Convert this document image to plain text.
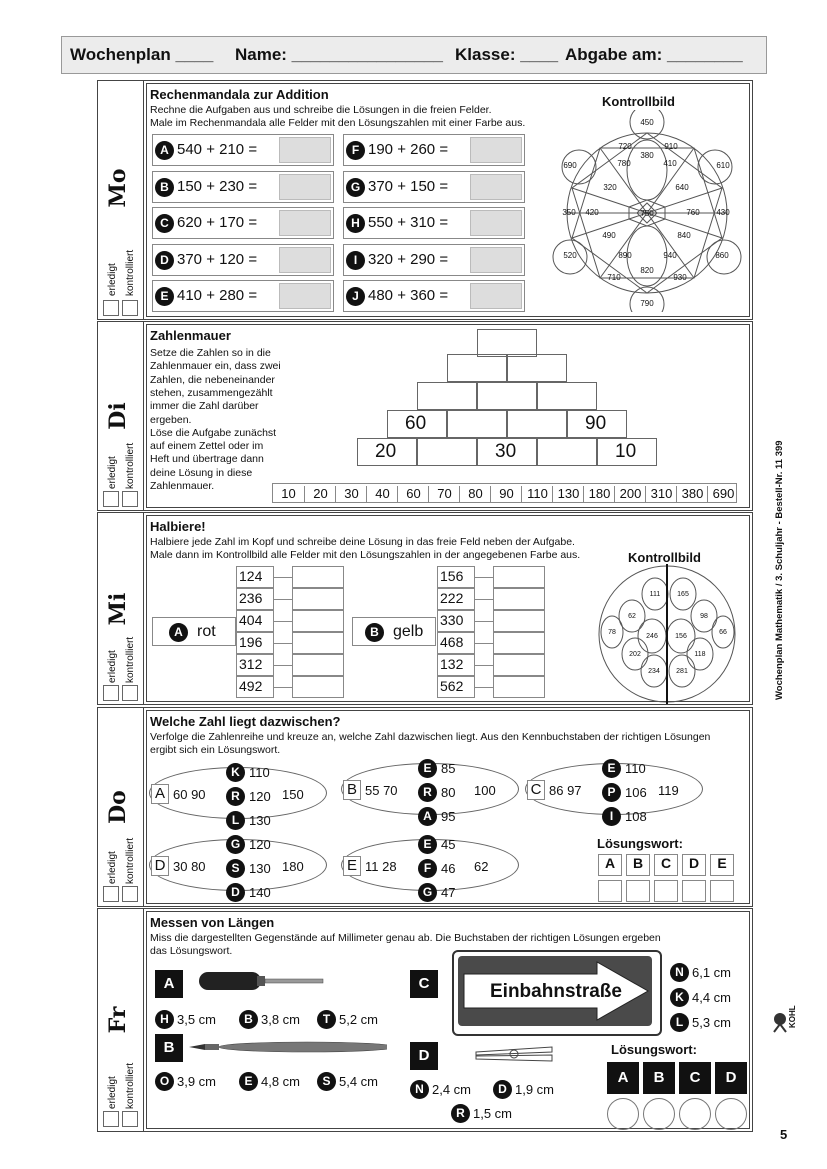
Wochenplan ____ Name: ________________ Klasse: ____ Abgabe am: ________
Mo
erledigt kontrolliert
Rechenmandala zur Addition
Rechne die Aufgaben aus und schreibe die Lösungen in die freien Felder.
Male im Rechenmandala alle Felder mit den Lösungszahlen mit einer Farbe aus.
A 540 + 210 =
B 150 + 230 =
C 620 + 170 =
D 370 + 120 =
E 410 + 280 =
F 190 + 260 =
G 370 + 150 =
H 550 + 310 =
I 320 + 290 =
J 480 + 360 =
Kontrollbild
450
720	910
380
690	780	410	610
320	640
350 420	750	760 430
490	840
520	890	940	860
710
820
930
790
Di
erledigt kontrolliert
Zahlenmauer
Setze die Zahlen so in die
Zahlenmauer ein, dass zwei
Zahlen, die nebeneinander
stehen, zusammengezählt
immer die Zahl darüber
ergeben.
Löse die Aufgabe zunächst
auf einem Zettel oder im
Heft und übertrage dann
deine Lösung in diese
Zahlenmauer.
20	30	10
60	90
10	20	30	40	60	70	80	90	110 130 180 200 310 380 690
Mi
erledigt kontrolliert
Halbiere!
Halbiere jede Zahl im Kopf und schreibe deine Lösung in das freie Feld neben der Aufgabe.
Male dann im Kontrollbild alle Felder mit den Lösungszahlen in der angegebenen Farbe aus.
A rot	B gelb
124
236
404
196
312
492
156
222
330
468
132
562
Kontrollbild
111 165
62	98
78	66
246 156
202	118
234 281
Do
erledigt kontrolliert
Welche Zahl liegt dazwischen?
Verfolge die Zahlenreihe und kreuze an, welche Zahl dazwischen liegt. Aus den Kennbuchstaben der richtigen Lösungen
ergibt sich ein Lösungswort.
A 60 90	150
K 110
R 120
L 130
B 55 70	100
E 85
R 80
A 95
C 86 97	119
E 110
P 106
I 108
D 30 80	180
G 120
S 130
D 140
E 11 28	62
E 45
F 46
G 47
Lösungswort:
A	B	C	D	E
Fr
erledigt kontrolliert
Messen von Längen
Miss die dargestellten Gegenstände auf Millimeter genau ab. Die Buchstaben der richtigen Lösungen ergeben
das Lösungswort.
Einbahnstraße
A
B
C
D
H 3,5 cm	B 3,8 cm	T 5,2 cm
O 3,9 cm	E 4,8 cm	S 5,4 cm
N 6,1 cm
K 4,4 cm
L 5,3 cm
N 2,4 cm	D 1,9 cm
R 1,5 cm
Lösungswort:
A	B	C	D
Wochenplan Mathematik / 3. Schuljahr - Bestell-Nr. 11 399
KOHL
5
